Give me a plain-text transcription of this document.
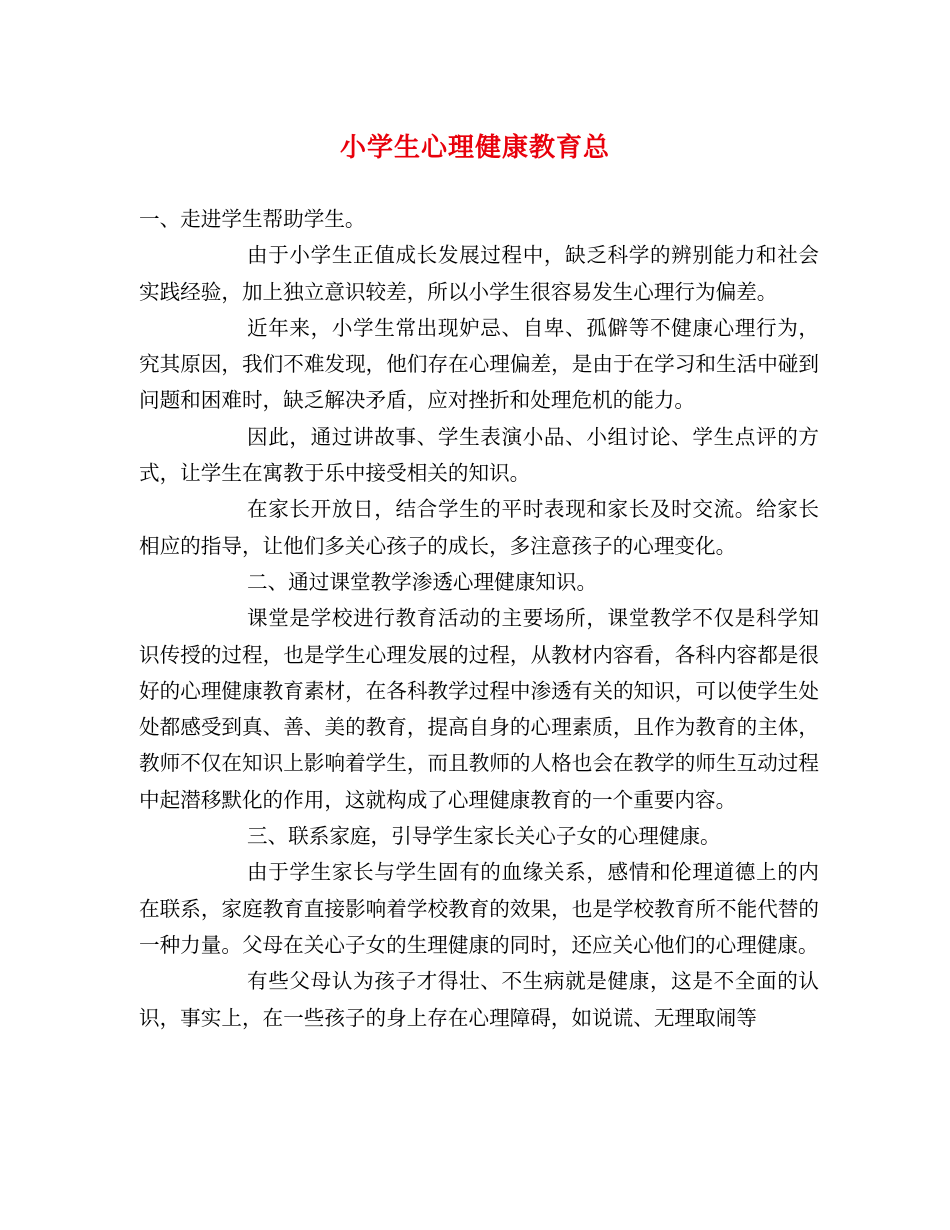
小学生心理健康教育总

一、走进学生帮助学生。

由于小学生正值成长发展过程中，缺乏科学的辨别能力和社会实践经验，加上独立意识较差，所以小学生很容易发生心理行为偏差。

近年来，小学生常出现妒忌、自卑、孤僻等不健康心理行为，究其原因，我们不难发现，他们存在心理偏差，是由于在学习和生活中碰到问题和困难时，缺乏解决矛盾，应对挫折和处理危机的能力。

因此，通过讲故事、学生表演小品、小组讨论、学生点评的方式，让学生在寓教于乐中接受相关的知识。

在家长开放日，结合学生的平时表现和家长及时交流。给家长相应的指导，让他们多关心孩子的成长，多注意孩子的心理变化。

二、通过课堂教学渗透心理健康知识。

课堂是学校进行教育活动的主要场所，课堂教学不仅是科学知识传授的过程，也是学生心理发展的过程，从教材内容看，各科内容都是很好的心理健康教育素材，在各科教学过程中渗透有关的知识，可以使学生处处都感受到真、善、美的教育，提高自身的心理素质，且作为教育的主体，教师不仅在知识上影响着学生，而且教师的人格也会在教学的师生互动过程中起潜移默化的作用，这就构成了心理健康教育的一个重要内容。

三、联系家庭，引导学生家长关心子女的心理健康。

由于学生家长与学生固有的血缘关系，感情和伦理道德上的内在联系，家庭教育直接影响着学校教育的效果，也是学校教育所不能代替的一种力量。父母在关心子女的生理健康的同时，还应关心他们的心理健康。

有些父母认为孩子才得壮、不生病就是健康，这是不全面的认识，事实上，在一些孩子的身上存在心理障碍，如说谎、无理取闹等
